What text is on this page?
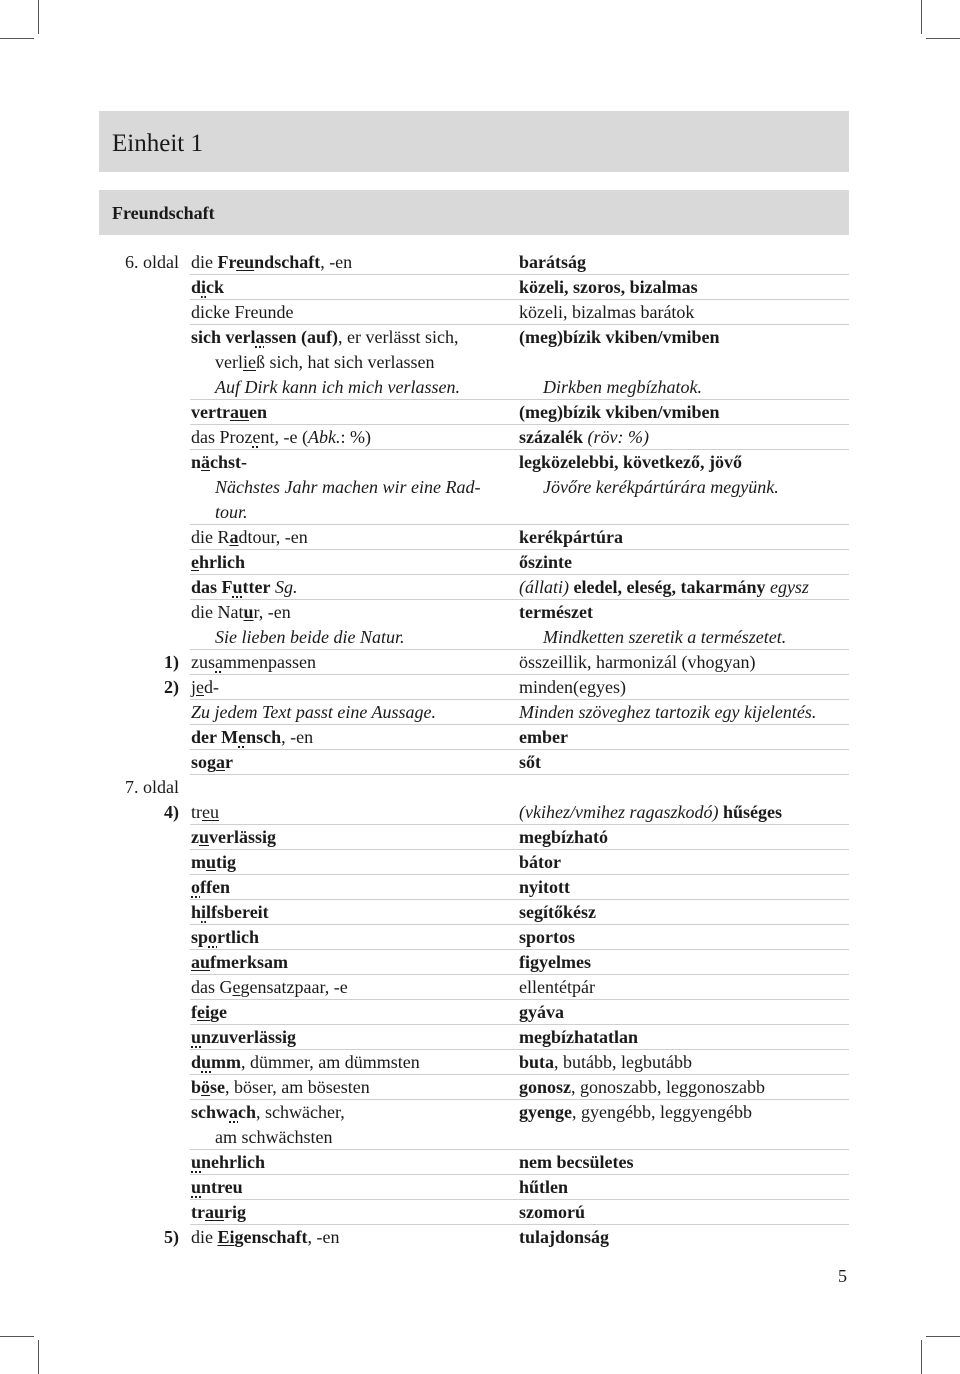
Einheit 1
Freundschaft
6. oldal die Freundschaft, -en	barátság
dick	közeli, szoros, bizalmas
dicke Freunde	közeli, bizalmas barátok
sich verlassen (auf), er verlässt sich,	(meg)bízik vkiben/vmiben
verließ sich, hat sich verlassen
Auf Dirk kann ich mich verlassen.	Dirkben megbízhatok.
vertrauen	(meg)bízik vkiben/vmiben
das Prozent, -e (Abk.: %)	százalék (röv: %)
nächst-	legközelebbi, következő, jövő
Nächstes Jahr machen wir eine Rad-	Jövőre kerékpártúrára megyünk.
tour.
die Radtour, -en	kerékpártúra
ehrlich	őszinte
das Futter Sg.	(állati) eledel, eleség, takarmány egysz
die Natur, -en	természet
Sie lieben beide die Natur.	Mindketten szeretik a természetet.
1) zusammenpassen	összeillik, harmonizál (vhogyan)
2) jed-	minden(egyes)
Zu jedem Text passt eine Aussage.	Minden szöveghez tartozik egy kijelentés.
der Mensch, -en	ember
sogar	sőt
7. oldal
4) treu	(vkihez/vmihez ragaszkodó) hűséges
zuverlässig	megbízható
mutig	bátor
offen	nyitott
hilfsbereit	segítőkész
sportlich	sportos
aufmerksam	figyelmes
das Gegensatzpaar, -e	ellentétpár
feige	gyáva
unzuverlässig	megbízhatatlan
dumm, dümmer, am dümmsten	buta, butább, legbutább
böse, böser, am bösesten	gonosz, gonoszabb, leggonoszabb
schwach, schwächer,	gyenge, gyengébb, leggyengébb
am schwächsten
unehrlich	nem becsületes
untreu	hűtlen
traurig	szomorú
5) die Eigenschaft, -en	tulajdonság
5
